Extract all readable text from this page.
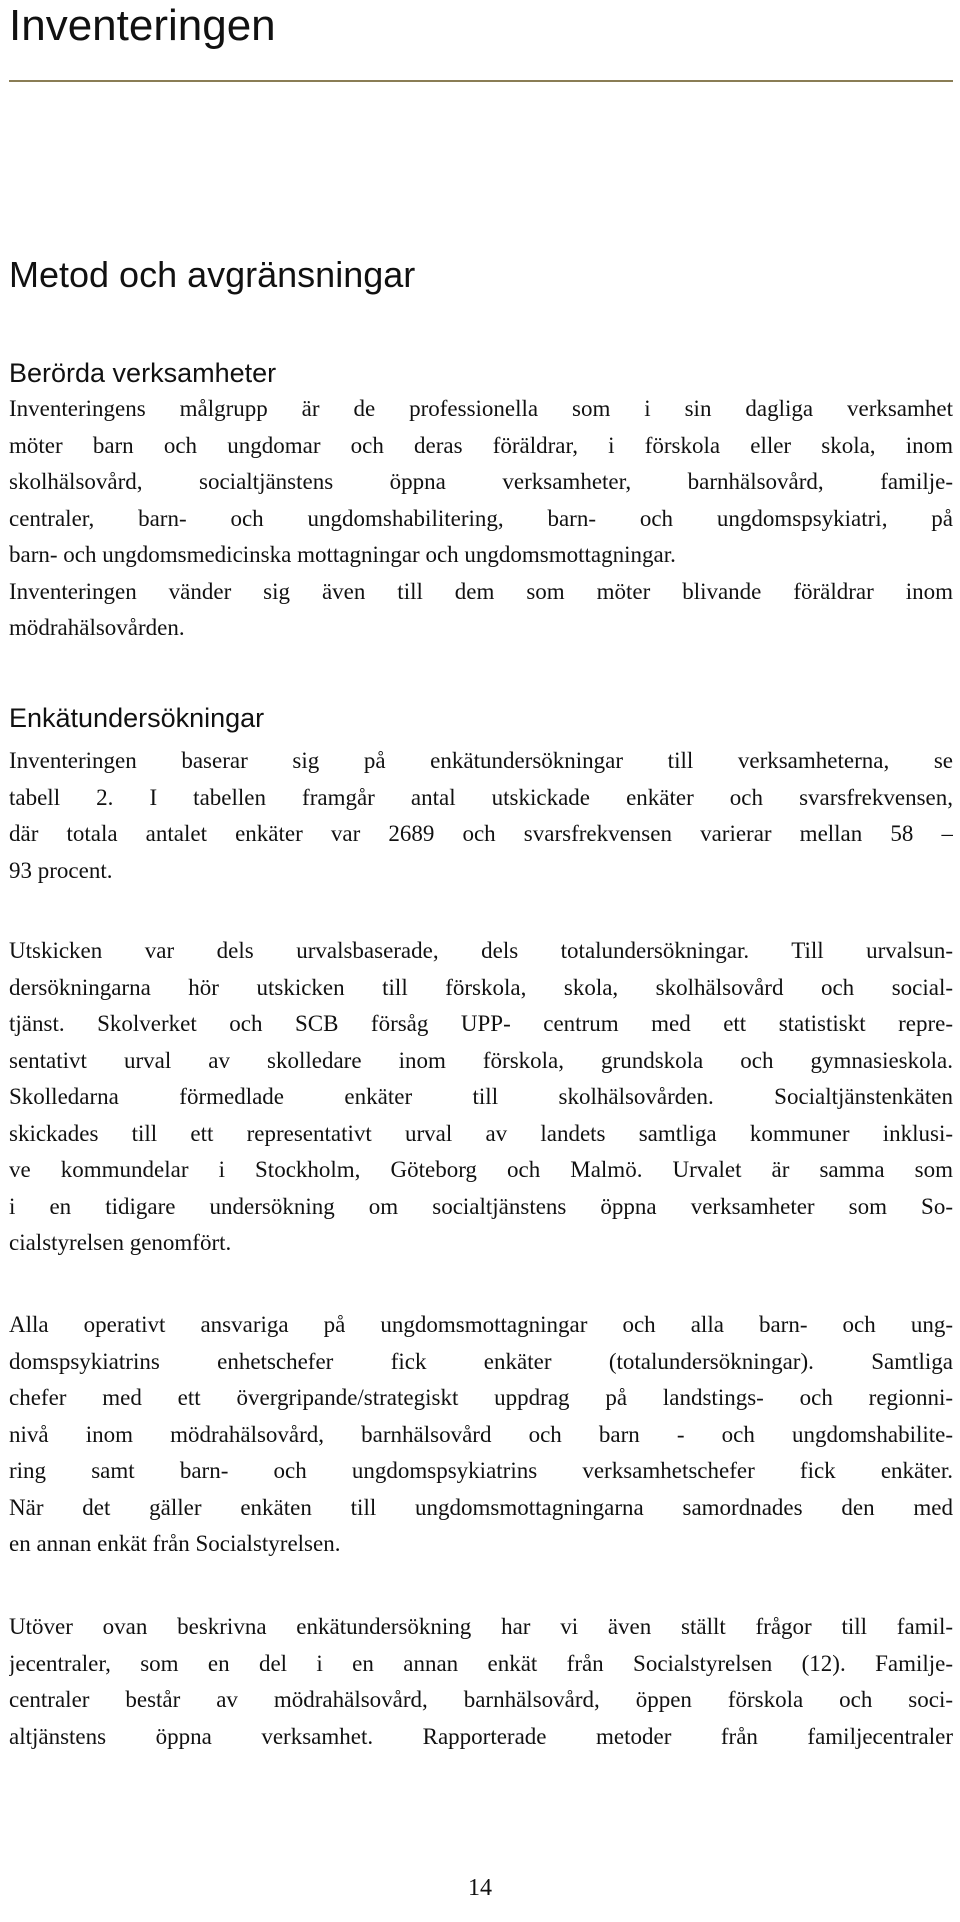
Inventeringen
Metod och avgränsningar
Berörda verksamheter
Inventeringens målgrupp är de professionella som i sin dagliga verksamhet
möter barn och ungdomar och deras föräldrar, i förskola eller skola, inom
skolhälsovård, socialtjänstens öppna verksamheter, barnhälsovård, familje-
centraler, barn- och ungdomshabilitering, barn- och ungdomspsykiatri, på
barn- och ungdomsmedicinska mottagningar och ungdomsmottagningar.
Inventeringen vänder sig även till dem som möter blivande föräldrar inom
mödrahälsovården.
Enkätundersökningar
Inventeringen baserar sig på enkätundersökningar till verksamheterna, se
tabell 2. I tabellen framgår antal utskickade enkäter och svarsfrekvensen,
där totala antalet enkäter var 2689 och svarsfrekvensen varierar mellan 58 –
93 procent.
Utskicken var dels urvalsbaserade, dels totalundersökningar. Till urvalsun-
dersökningarna hör utskicken till förskola, skola, skolhälsovård och social-
tjänst. Skolverket och SCB försåg UPP- centrum med ett statistiskt repre-
sentativt urval av skolledare inom förskola, grundskola och gymnasieskola.
Skolledarna förmedlade enkäter till skolhälsovården. Socialtjänstenkäten
skickades till ett representativt urval av landets samtliga kommuner inklusi-
ve kommundelar i Stockholm, Göteborg och Malmö. Urvalet är samma som
i en tidigare undersökning om socialtjänstens öppna verksamheter som So-
cialstyrelsen genomfört.
Alla operativt ansvariga på ungdomsmottagningar och alla barn- och ung-
domspsykiatrins enhetschefer fick enkäter (totalundersökningar). Samtliga
chefer med ett övergripande/strategiskt uppdrag på landstings- och regionni-
nivå inom mödrahälsovård, barnhälsovård och barn - och ungdomshabilite-
ring samt barn- och ungdomspsykiatrins verksamhetschefer fick enkäter.
När det gäller enkäten till ungdomsmottagningarna samordnades den med
en annan enkät från Socialstyrelsen.
Utöver ovan beskrivna enkätundersökning har vi även ställt frågor till famil-
jecentraler, som en del i en annan enkät från Socialstyrelsen (12). Familje-
centraler består av mödrahälsovård, barnhälsovård, öppen förskola och soci-
altjänstens öppna verksamhet. Rapporterade metoder från familjecentraler

14
